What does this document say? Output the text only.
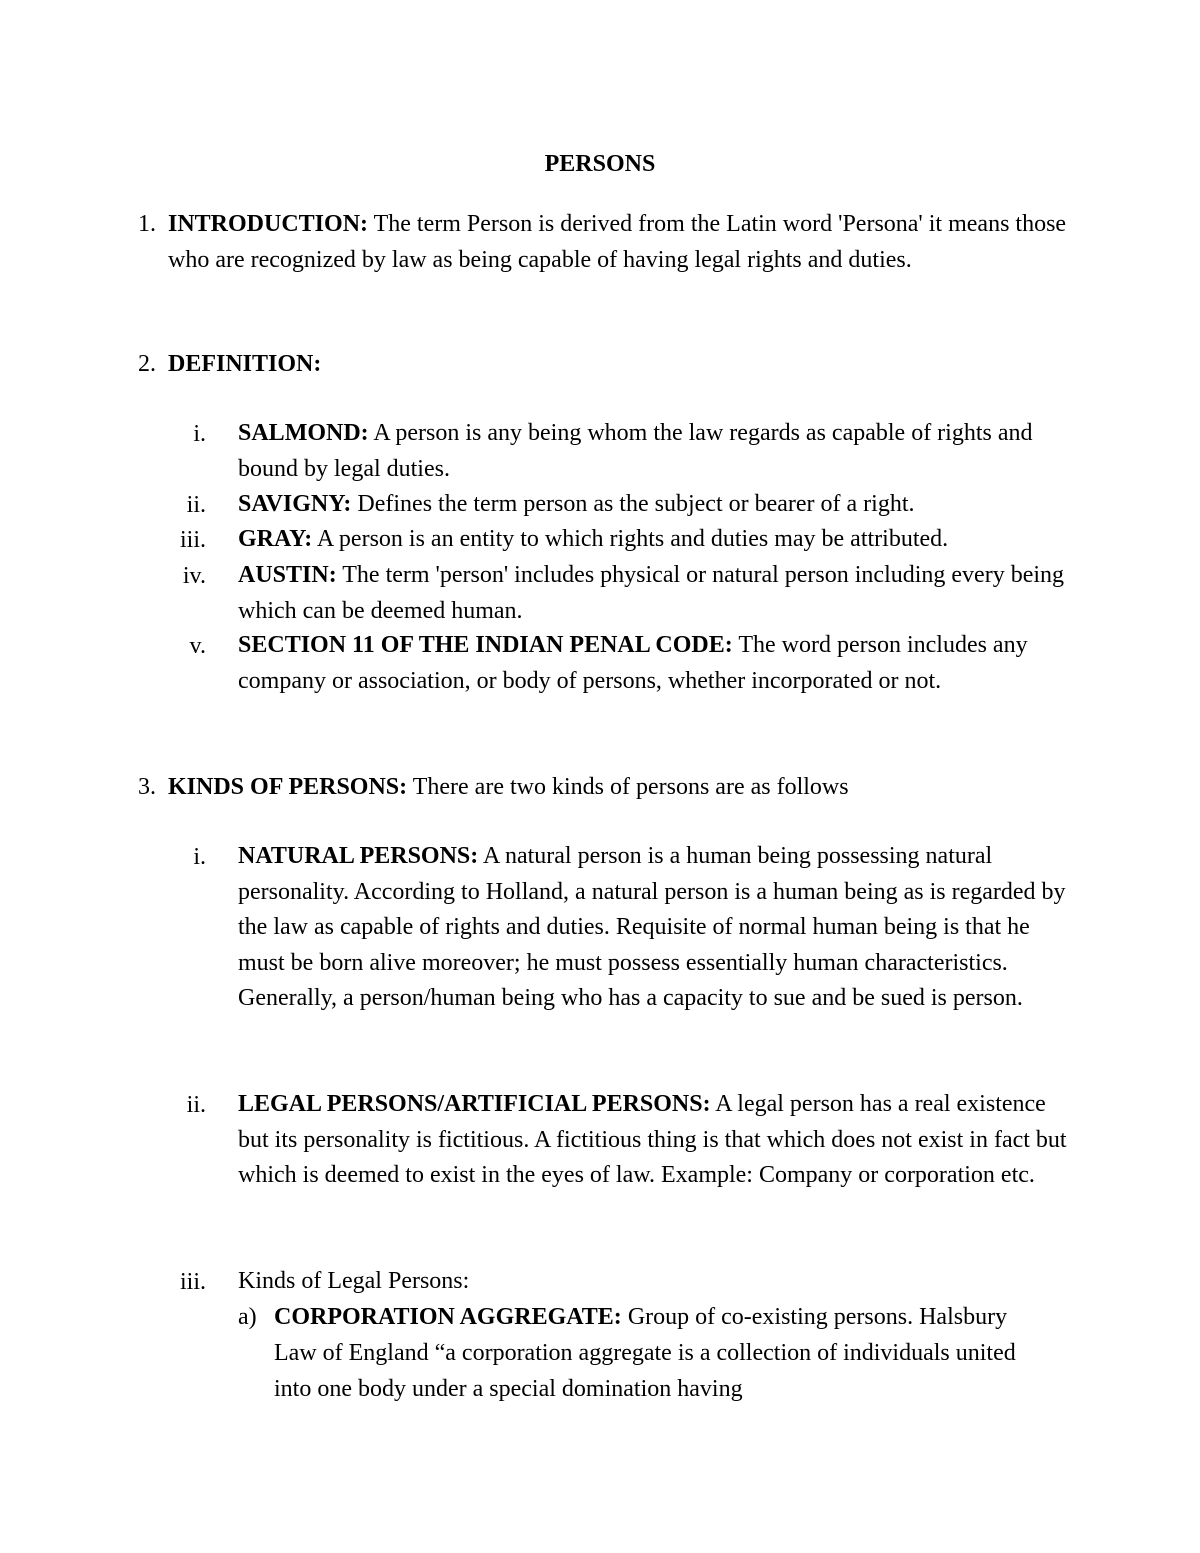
PERSONS
1. INTRODUCTION: The term Person is derived from the Latin word 'Persona' it means those who are recognized by law as being capable of having legal rights and duties.
2. DEFINITION:
i. SALMOND: A person is any being whom the law regards as capable of rights and bound by legal duties.
ii. SAVIGNY: Defines the term person as the subject or bearer of a right.
iii. GRAY: A person is an entity to which rights and duties may be attributed.
iv. AUSTIN: The term 'person' includes physical or natural person including every being which can be deemed human.
v. SECTION 11 OF THE INDIAN PENAL CODE: The word person includes any company or association, or body of persons, whether incorporated or not.
3. KINDS OF PERSONS: There are two kinds of persons are as follows
i. NATURAL PERSONS: A natural person is a human being possessing natural personality. According to Holland, a natural person is a human being as is regarded by the law as capable of rights and duties. Requisite of normal human being is that he must be born alive moreover; he must possess essentially human characteristics. Generally, a person/human being who has a capacity to sue and be sued is person.
ii. LEGAL PERSONS/ARTIFICIAL PERSONS: A legal person has a real existence but its personality is fictitious. A fictitious thing is that which does not exist in fact but which is deemed to exist in the eyes of law. Example: Company or corporation etc.
iii. Kinds of Legal Persons:
a) CORPORATION AGGREGATE: Group of co-existing persons. Halsbury Law of England “a corporation aggregate is a collection of individuals united into one body under a special domination having
